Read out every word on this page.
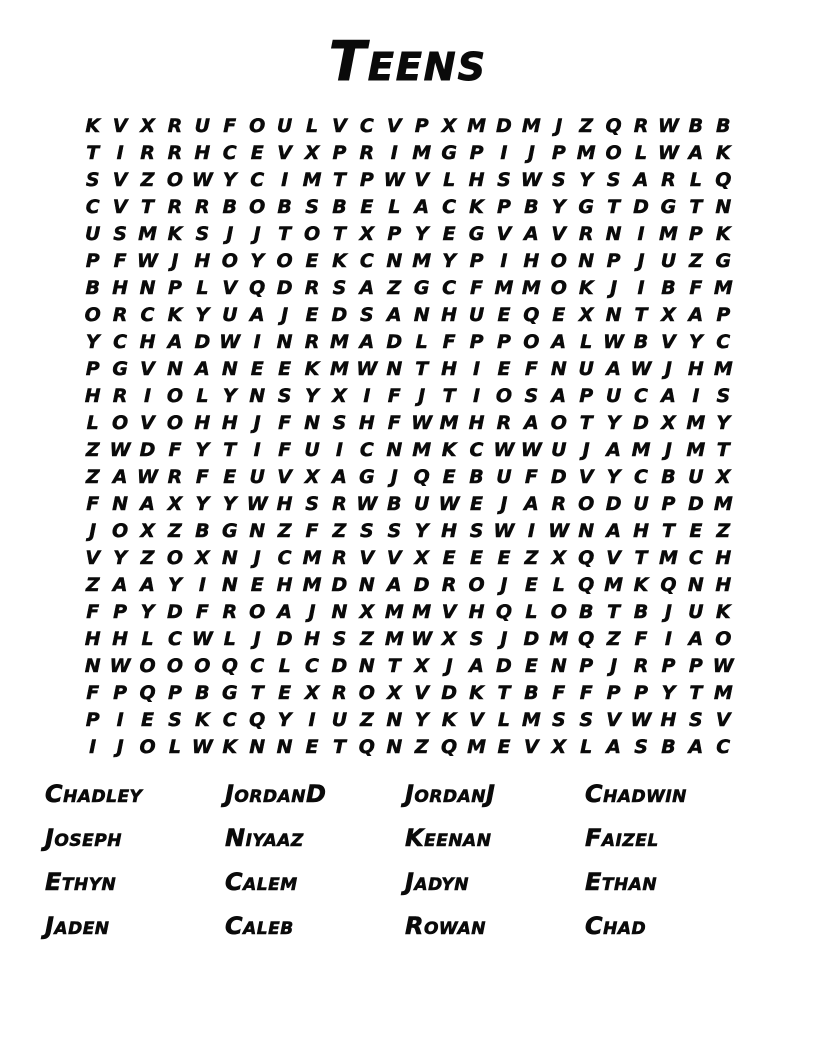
Teens
K V X R U F O U L V C V P X M D M J Z Q R W B B
T I R R H C E V X P R I M G P I	J P M O L W A K
S V Z O W Y C I M T P W V L H S W S Y S A R L Q
C V T R R B O B S B E L A C K P B Y G T D G T N
U S M K S J	J T O T X P Y E G V A V R N I M P K
P F W J H O Y O E K C N M Y P I H O N P J U Z G
B H N P L V Q D R S A Z G C F M M O K J	I B F M
O R C K Y U A J E D S A N H U E Q E X N T X A P
Y C H A D W I N R M A D L F P P O A L W B V Y C
P G V N A N E E K M W N T H I E F N U A W J H M
H R I O L Y N S Y X I F J T I O S A P U C A I S
L O V O H H J F N S H F W M H R A O T Y D X M Y
Z W D F Y T I F U I C N M K C W W U J A M J M T
Z A W R F E U V X A G J Q E B U F D V Y C B U X
F N A X Y Y W H S R W B U W E J A R O D U P D M
J O X Z B G N Z F Z S S Y H S W I W N A H T E Z
V Y Z O X N J C M R V V X E E E Z X Q V T M C H
Z A A Y I N E H M D N A D R O J E L Q M K Q N H
F P Y D F R O A J N X M M V H Q L O B T B J U K
H H L C W L J D H S Z M W X S J D M Q Z F I A O
N W O O O Q C L C D N T X J A D E N P J R P P W
F P Q P B G T E X R O X V D K T B F F P P Y T M
P I E S K C Q Y I U Z N Y K V L M S S V W H S V
I	J O L W K N N E T Q N Z Q M E V X L A S B A C
Chadley	JordanD	JordanJ	Chadwin
Joseph	Niyaaz	Keenan	Faizel
Ethyn	Calem	Jadyn	Ethan
Jaden	Caleb	Rowan	Chad
